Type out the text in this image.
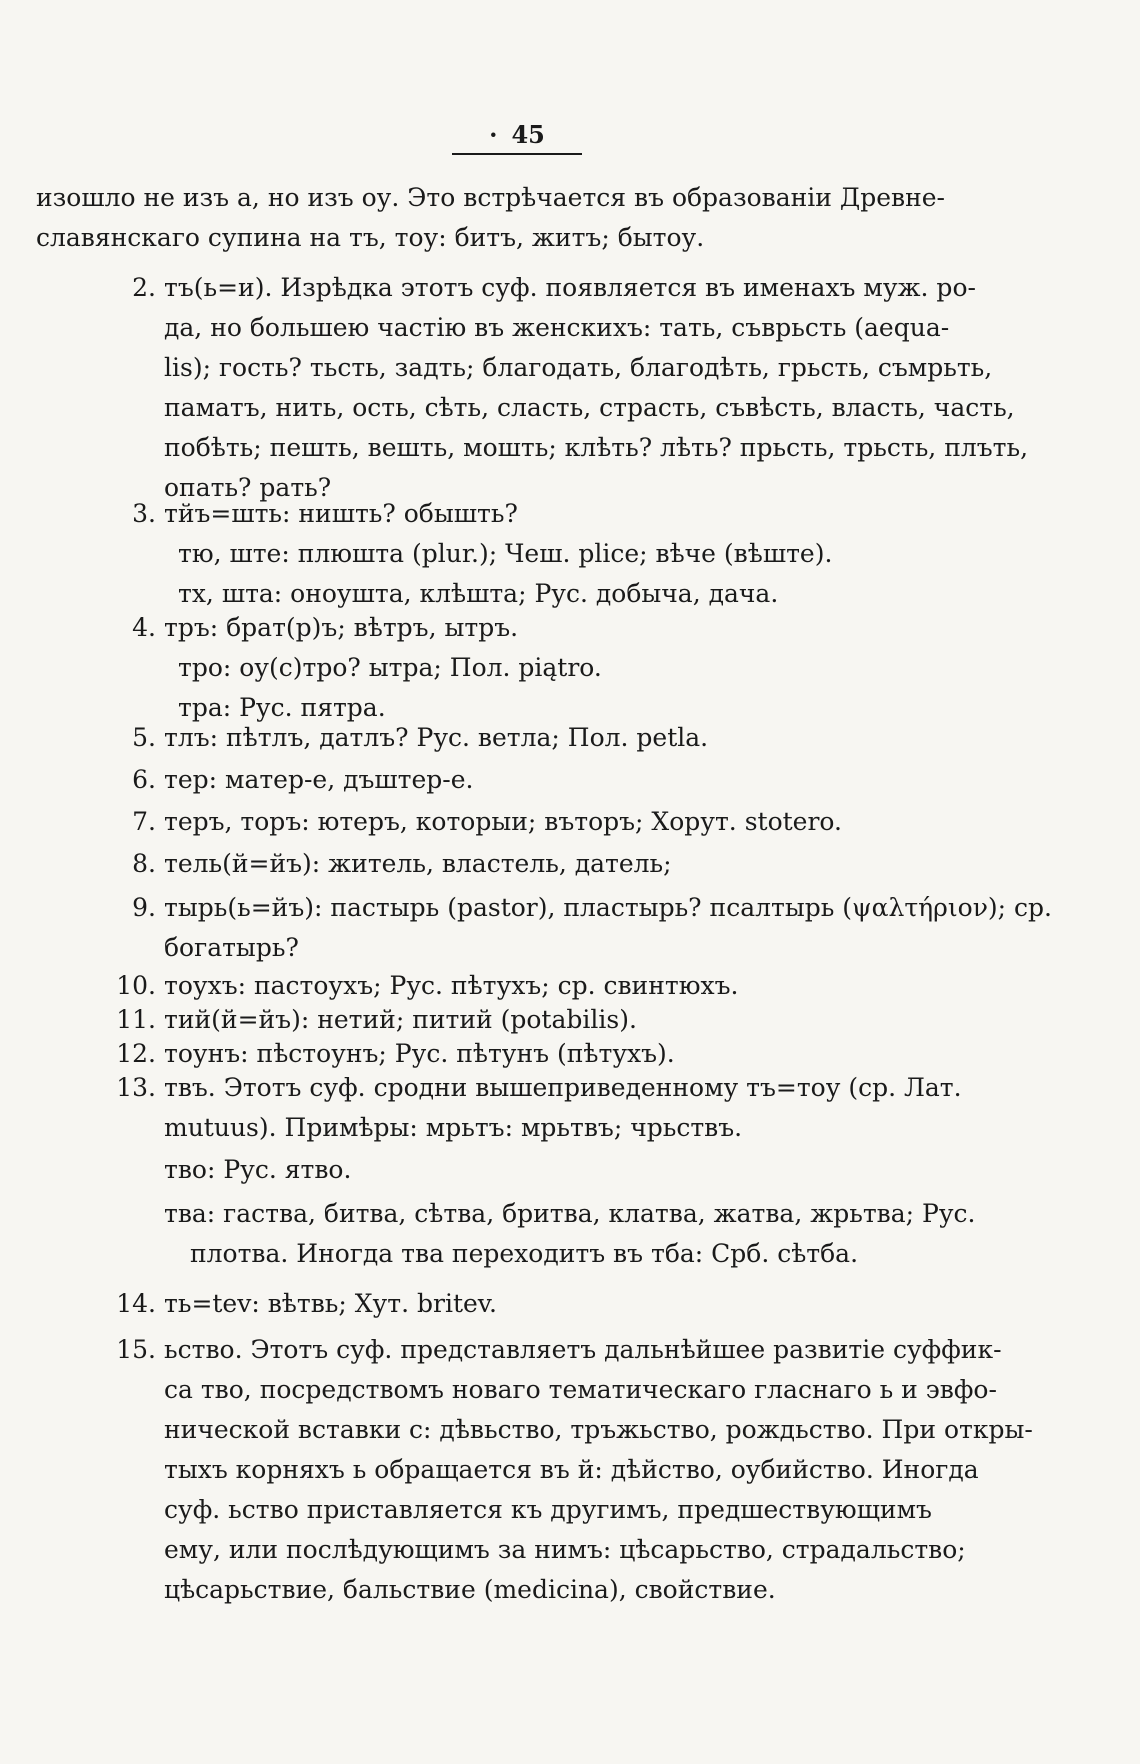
· 45
изошло не изъ а, но изъ оу. Это встрѣчается въ образованiи Древне-
славянскаго супина на тъ, тоу: битъ, житъ; бытоу.
2. тъ(ь=и). Изрѣдка этотъ суф. появляется въ именахъ муж. ро-
да, но большею частiю въ женскихъ: тать, съврьсть (aequa-
lis); гость? тьсть, задть; благодать, благодѣть, грьсть, съмрьть,
паматъ, нить, ость, сѣть, сласть, страсть, съвѣсть, власть, часть,
побѣть; пешть, вешть, мошть; клѣть? лѣть? прьсть, трьсть, плъть,
опать? рать?
3. тйъ=шть: ништь? обышть?
тю, ште: плюшта (plur.); Чеш. plice; вѣче (вѣште).
тх, шта: оноушта, клѣшта; Рус. добыча, дача.
4. тръ: брат(р)ъ; вѣтръ, ытръ.
тро: оу(с)тро? ытра; Пол. piątro.
тра: Рус. пятра.
5. тлъ: пѣтлъ, датлъ? Рус. ветла; Пол. petla.
6. тер: матер-е, дъштер-е.
7. теръ, торъ: ютеръ, которыи; въторъ; Хорут. stotero.
8. тель(й=йъ): житель, властель, датель;
9. тырь(ь=йъ): пастырь (pastor), пластырь? псалтырь (ψαλτήριον); ср.
богатырь?
10. тоухъ: пастоухъ; Рус. пѣтухъ; ср. свинтюхъ.
11. тий(й=йъ): нетий; питий (potabilis).
12. тоунъ: пѣстоунъ; Рус. пѣтунъ (пѣтухъ).
13. твъ. Этотъ суф. сродни вышеприведенному тъ=тоу (ср. Лат.
mutuus). Примѣры: мрьтъ: мрьтвъ; чрьствъ.
тво: Рус. ятво.
тва: гаства, битва, сѣтва, бритва, клатва, жатва, жрьтва; Рус.
плотва. Иногда тва переходитъ въ тба: Срб. сѣтба.
14. ть=tev: вѣтвь; Хут. britev.
15. ьство. Этотъ суф. представляетъ дальнѣйшее развитiе суффик-
са тво, посредствомъ новаго тематическаго гласнаго ь и эвфо-
нической вставки с: дѣвьство, тръжьство, рождьство. При откры-
тыхъ корняхъ ь обращается въ й: дѣйство, оубийство. Иногда
суф. ьство приставляется къ другимъ, предшествующимъ
ему, или послѣдующимъ за нимъ: цѣсарьство, страдальство;
цѣсарьствие, бальствие (medicina), свойствие.
